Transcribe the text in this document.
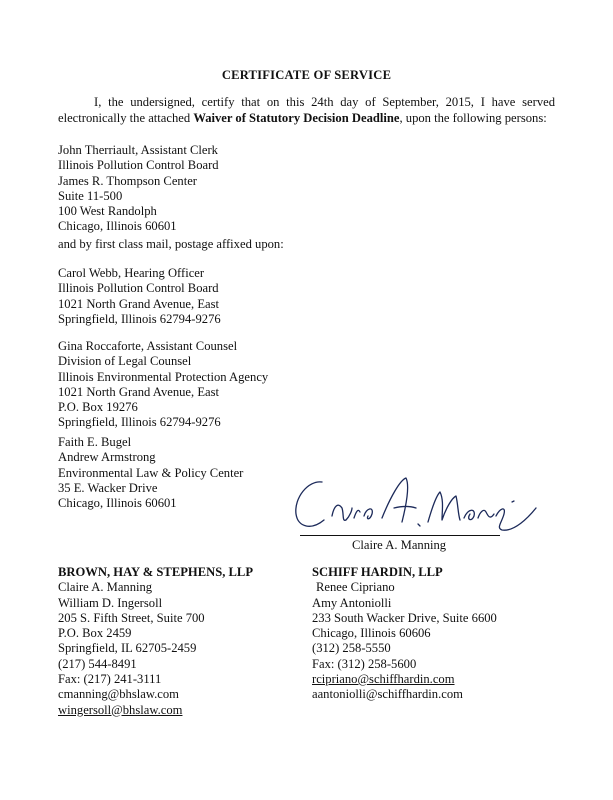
CERTIFICATE OF SERVICE
I, the undersigned, certify that on this 24th day of September, 2015, I have served electronically the attached Waiver of Statutory Decision Deadline, upon the following persons:
John Therriault, Assistant Clerk
Illinois Pollution Control Board
James R. Thompson Center
Suite 11-500
100 West Randolph
Chicago, Illinois 60601
and by first class mail, postage affixed upon:
Carol Webb, Hearing Officer
Illinois Pollution Control Board
1021 North Grand Avenue, East
Springfield, Illinois 62794-9276
Gina Roccaforte, Assistant Counsel
Division of Legal Counsel
Illinois Environmental Protection Agency
1021 North Grand Avenue, East
P.O. Box 19276
Springfield, Illinois 62794-9276
Faith E. Bugel
Andrew Armstrong
Environmental Law & Policy Center
35 E. Wacker Drive
Chicago, Illinois 60601
Claire A. Manning
BROWN, HAY & STEPHENS, LLP
Claire A. Manning
William D. Ingersoll
205 S. Fifth Street, Suite 700
P.O. Box 2459
Springfield, IL 62705-2459
(217) 544-8491
Fax: (217) 241-3111
cmanning@bhslaw.com
wingersoll@bhslaw.com
SCHIFF HARDIN, LLP
Renee Cipriano
Amy Antoniolli
233 South Wacker Drive, Suite 6600
Chicago, Illinois 60606
(312) 258-5550
Fax: (312) 258-5600
rcipriano@schiffhardin.com
aantoniolli@schiffhardin.com
